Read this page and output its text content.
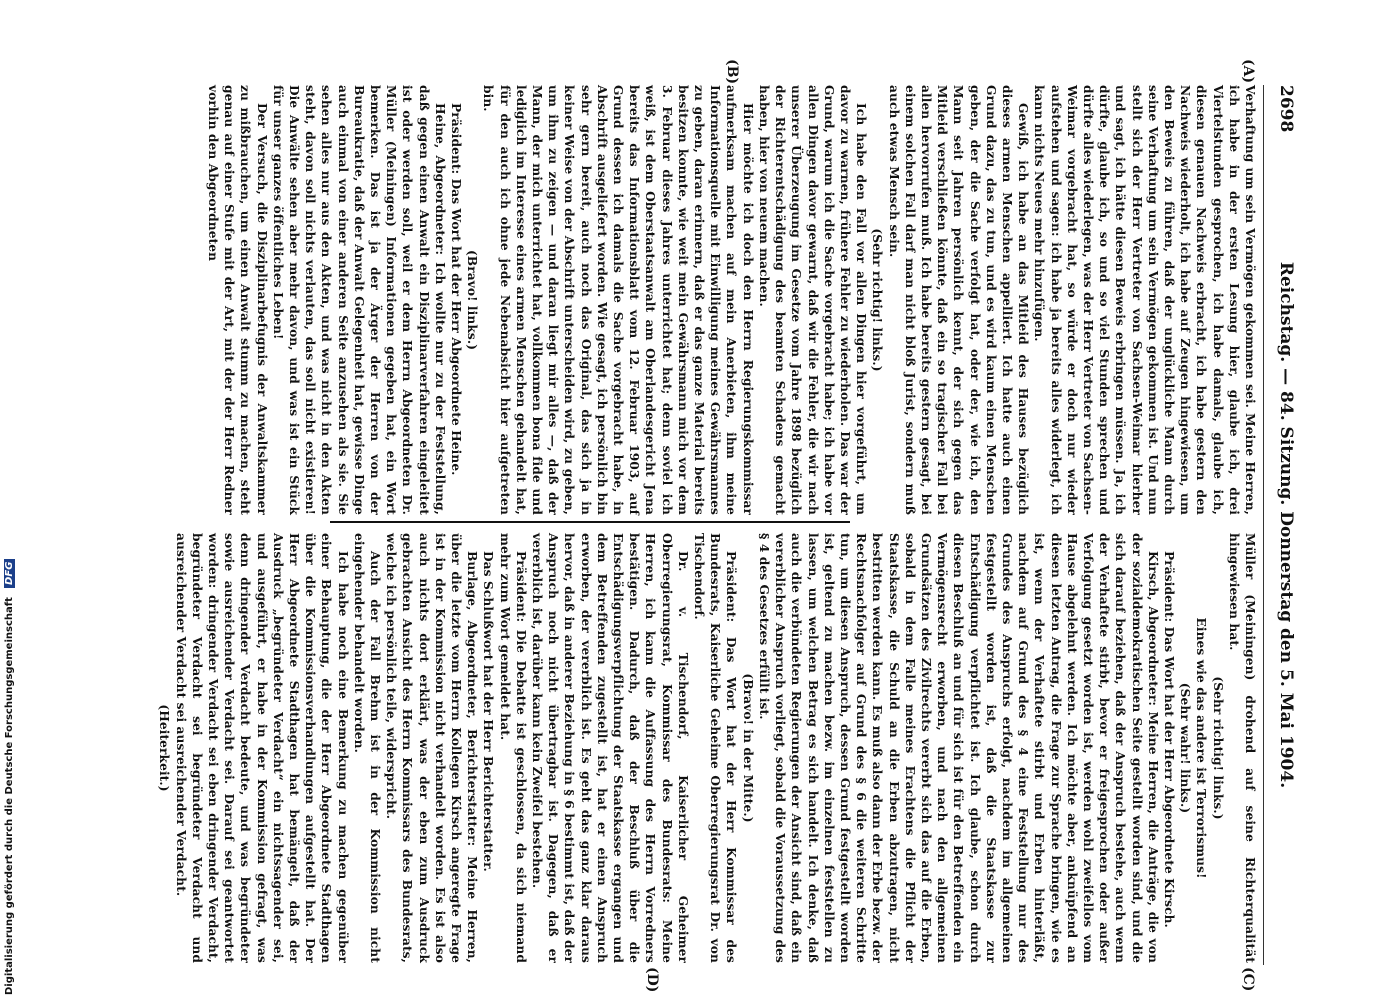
2698
Reichstag. — 84. Sitzung. Donnerstag den 5. Mai 1904.
(A)
(B)
(C)
(D)

Verhaftung um sein Vermögen gekommen sei. Meine Herren, ich habe in der ersten Lesung hier, glaube ich, drei Viertelstunden gesprochen, ich habe damals, glaube ich, diesen genauen Nachweis erbracht, ich habe gestern den Nachweis wiederholt, ich habe auf Zeugen hingewiesen, um den Beweis zu führen, daß der unglückliche Mann durch seine Verhaftung um sein Vermögen gekommen ist. Und nun stellt sich der Herr Vertreter von Sachsen-Weimar hierher und sagt, ich hätte diesen Beweis erbringen müssen. Ja, ich dürfte, glaube ich, so und so viel Stunden sprechen und dürfte alles wiederlegen, was der Herr Vertreter von Sachsen-Weimar vorgebracht hat, so würde er doch nur wieder aufstehen und sagen: ich habe ja bereits alles widerlegt, ich kann nichts Neues mehr hinzufügen.

Gewiß, ich habe an das Mitleid des Hauses bezüglich dieses armen Menschen appelliert. Ich hatte auch einen Grund dazu, das zu tun, und es wird kaum einen Menschen geben, der die Sache verfolgt hat, oder der, wie ich, den Mann seit Jahren persönlich kennt, der sich gegen das Mitleid verschließen könnte, daß ein so tragischer Fall bei allen hervorrufen muß. Ich habe bereits gestern gesagt, bei einem solchen Fall darf man nicht bloß Jurist, sondern muß auch etwas Mensch sein.

(Sehr richtig! links.)

Ich habe den Fall vor allen Dingen hier vorgeführt, um davor zu warnen, frühere Fehler zu wiederholen. Das war der Grund, warum ich die Sache vorgebracht habe; ich habe vor allen Dingen davor gewarnt, daß wir die Fehler, die wir nach unserer Überzeugung im Gesetze vom Jahre 1898 bezüglich der Richterentschädigung des beamten Schadens gemacht haben, hier von neuem machen.

Hier möchte ich doch den Herrn Regierungskommissar aufmerksam machen auf mein Anerbieten, ihm meine Informationsquelle mit Einwilligung meines Gewährsmannes zu geben, daran erinnern, daß er das ganze Material bereits besitzen konnte, wie weit mein Gewährsmann mich vor dem 3. Februar dieses Jahres unterrichtet hat; denn soviel ich weiß, ist dem Oberstaatsanwalt am Oberlandesgericht Jena bereits das Informationsblatt vom 12. Februar 1903, auf Grund dessen ich damals die Sache vorgebracht habe, in Abschrift ausgeliefert worden. Wie gesagt, ich persönlich bin sehr gern bereit, auch noch das Original, das sich ja in keiner Weise von der Abschrift unterscheiden wird, zu geben, um ihm zu zeigen — und daran liegt mir alles —, daß der Mann, der mich unterrichtet hat, vollkommen bona fide und lediglich im Interesse eines armen Menschen gehandelt hat, für den auch ich ohne jede Nebenabsicht hier aufgetreten bin.

(Bravo! links.)

Präsident: Das Wort hat der Herr Abgeordnete Heine.

Heine, Abgeordneter: Ich wollte nur zu der Feststellung, daß gegen einen Anwalt ein Disziplinarverfahren eingeleitet ist oder werden soll, weil er dem Herrn Abgeordneten Dr. Müller (Meiningen) Informationen gegeben hat, ein Wort bemerken. Das ist ja der Ärger der Herren von der Bureaukratie, daß der Anwalt Gelegenheit hat, gewisse Dinge auch einmal von einer anderen Seite anzusehen als sie. Sie sehen alles nur aus den Akten, und was nicht in den Akten steht, davon soll nichts verlauten, das soll nicht existieren! Die Anwälte sehen aber mehr davon, und was ist ein Stück für unser ganzes öffentliches Leben!

Der Versuch, die Disziplinarbefugnis der Anwaltskammer zu mißbrauchen, um einen Anwalt stumm zu machen, steht genau auf einer Stufe mit der Art, mit der der Herr Redner vorhin den Abgeordneten

Müller (Meiningen) drohend auf seine Richterqualität hingewiesen hat.

(Sehr richtig! links.)

Eines wie das andere ist Terrorismus!

(Sehr wahr! links.)

Präsident: Das Wort hat der Herr Abgeordnete Kirsch.

Kirsch, Abgeordneter: Meine Herren, die Anträge, die von der sozialdemokratischen Seite gestellt worden sind, und die sich darauf beziehen, daß der Anspruch bestehe, auch wenn der Verhaftete stirbt, bevor er freigesprochen oder außer Verfolgung gesetzt worden ist, werden wohl zweifellos vom Hause abgelehnt werden. Ich möchte aber, anknüpfend an diesen letzten Antrag, die Frage zur Sprache bringen, wie es ist, wenn der Verhaftete stirbt und Erben hinterläßt, nachdem auf Grund des § 4 eine Feststellung nur des Grundes des Anspruchs erfolgt, nachdem im allgemeinen festgestellt worden ist, daß die Staatskasse zur Entschädigung verpflichtet ist. Ich glaube, schon durch diesen Beschluß an und für sich ist für den Betreffenden ein Vermögensrecht erworben, und nach den allgemeinen Grundsätzen des Zivilrechts vererbt sich das auf die Erben, sobald in dem Falle meines Erachtens die Pflicht der Staatskasse, die Schuld an die Erben abzutragen, nicht bestritten werden kann. Es muß also dann der Erbe bezw. der Rechtsnachfolger auf Grund des § 6 die weiteren Schritte tun, um diesen Anspruch, dessen Grund festgestellt worden ist, geltend zu machen bezw. im einzelnen feststellen zu lassen, um welchen Betrag es sich handelt. Ich denke, daß auch die verbündeten Regierungen der Ansicht sind, daß ein vererblicher Anspruch vorliegt, sobald die Voraussetzung des § 4 des Gesetzes erfüllt ist.

(Bravo! in der Mitte.)

Präsident: Das Wort hat der Herr Kommissar des Bundesrats, Kaiserliche Geheime Oberregierungsrat Dr. von Tischendorf.

Dr. v. Tischendorf, Kaiserlicher Geheimer Oberregierungsrat, Kommissar des Bundesrats: Meine Herren, ich kann die Auffassung des Herrn Vorredners bestätigen. Dadurch, daß der Beschluß über die Entschädigungsverpflichtung der Staatskasse ergangen und dem Betreffenden zugestellt ist, hat er einen Anspruch erworben, der vererblich ist. Es geht das ganz klar daraus hervor, daß in anderer Beziehung in § 6 bestimmt ist, daß der Anspruch noch nicht übertragbar ist. Dagegen, daß er vererblich ist, darüber kann kein Zweifel bestehen.

Präsident: Die Debatte ist geschlossen, da sich niemand mehr zum Wort gemeldet hat.

Das Schlußwort hat der Herr Berichterstatter.

Burlage, Abgeordneter, Berichterstatter: Meine Herren, über die letzte vom Herrn Kollegen Kirsch angeregte Frage ist in der Kommission nicht verhandelt worden. Es ist also auch nichts dort erklärt, was der eben zum Ausdruck gebrachten Ansicht des Herrn Kommissars des Bundesrats, welche ich persönlich teile, widerspricht.

Auch der Fall Brehm ist in der Kommission nicht eingehender behandelt worden.

Ich habe noch eine Bemerkung zu machen gegenüber einer Behauptung, die der Herr Abgeordnete Stadthagen über die Kommissionsverhandlungen aufgestellt hat. Der Herr Abgeordnete Stadthagen hat bemängelt, daß der Ausdruck „begründeter Verdacht“ ein nichtssagender sei, und ausgeführt, er habe in der Kommission gefragt, was denn dringender Verdacht bedeute, und was begründeter sowie ausreichender Verdacht sei. Darauf sei geantwortet worden: dringender Verdacht sei eben dringender Verdacht, begründeter Verdacht sei begründeter Verdacht und ausreichender Verdacht sei ausreichender Verdacht.

(Heiterkeit.)

Digitalisierung gefördert durch die Deutsche Forschungsgemeinschaft DFG
